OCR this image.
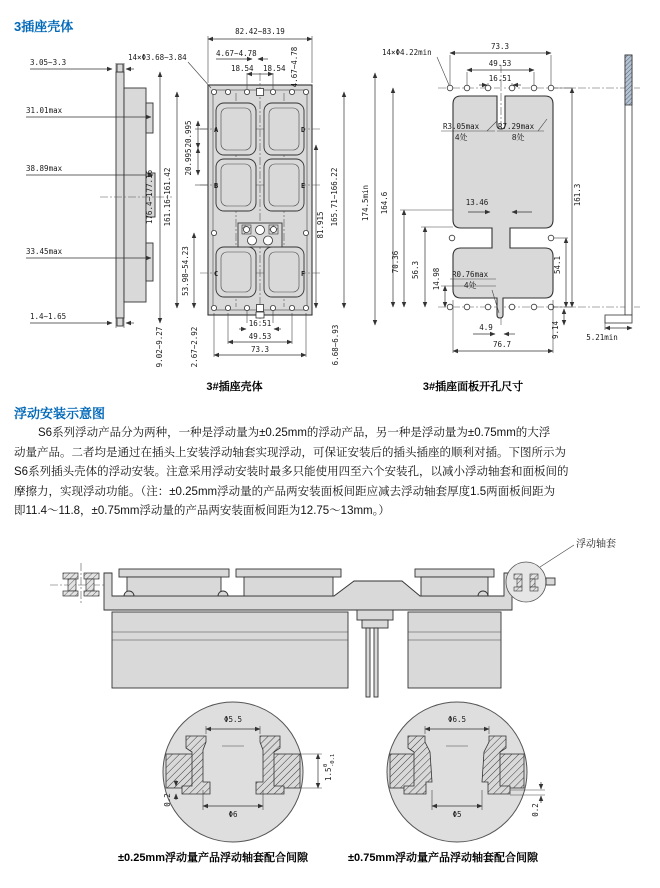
3插座壳体
3.05~3.3
31.01max
38.89max
33.45max
1.4~1.65
A
B
C
D
E
F
14×Φ3.68~3.84
82.42~83.19
4.67~4.78
18.54 18.54 4.67~4.78
176.4~177.16 161.16~161.42
20.995
20.995
53.98~54.23
81.915 165.71~166.22
16.51
49.53
73.3
9.02~9.27	2.67~2.92	6.68~6.93
14×Φ4.22min
73.3
49.53
16.51
R3.05max
4处
R7.29max
8处
13.46	161.3
174.5min 164.6
70.36 56.3 14.98
54.1
R0.76max
4处
4.9
76.7
9.14	5.21min
3#插座壳体	3#插座面板开孔尺寸
浮动安装示意图
S6系列浮动产品分为两种，一种是浮动量为±0.25mm的浮动产品，另一种是浮动量为±0.75mm的大浮
动量产品。二者均是通过在插头上安装浮动轴套实现浮动，可保证安装后的插头插座的顺利对插。下图所示为
S6系列插头壳体的浮动安装。注意采用浮动安装时最多只能使用四至六个安装孔，以减小浮动轴套和面板间的
摩擦力，实现浮动功能。（注：±0.25mm浮动量的产品两安装面板间距应减去浮动轴套厚度1.5两面板间距为
即11.4～11.8，±0.75mm浮动量的产品两安装面板间距为12.75～13mm。）
浮动轴套
Φ5.5
Φ6
0.2
1.5
0 -0.1
Φ6.5
Φ5	0.2
±0.25mm浮动量产品浮动轴套配合间隙	±0.75mm浮动量产品浮动轴套配合间隙
